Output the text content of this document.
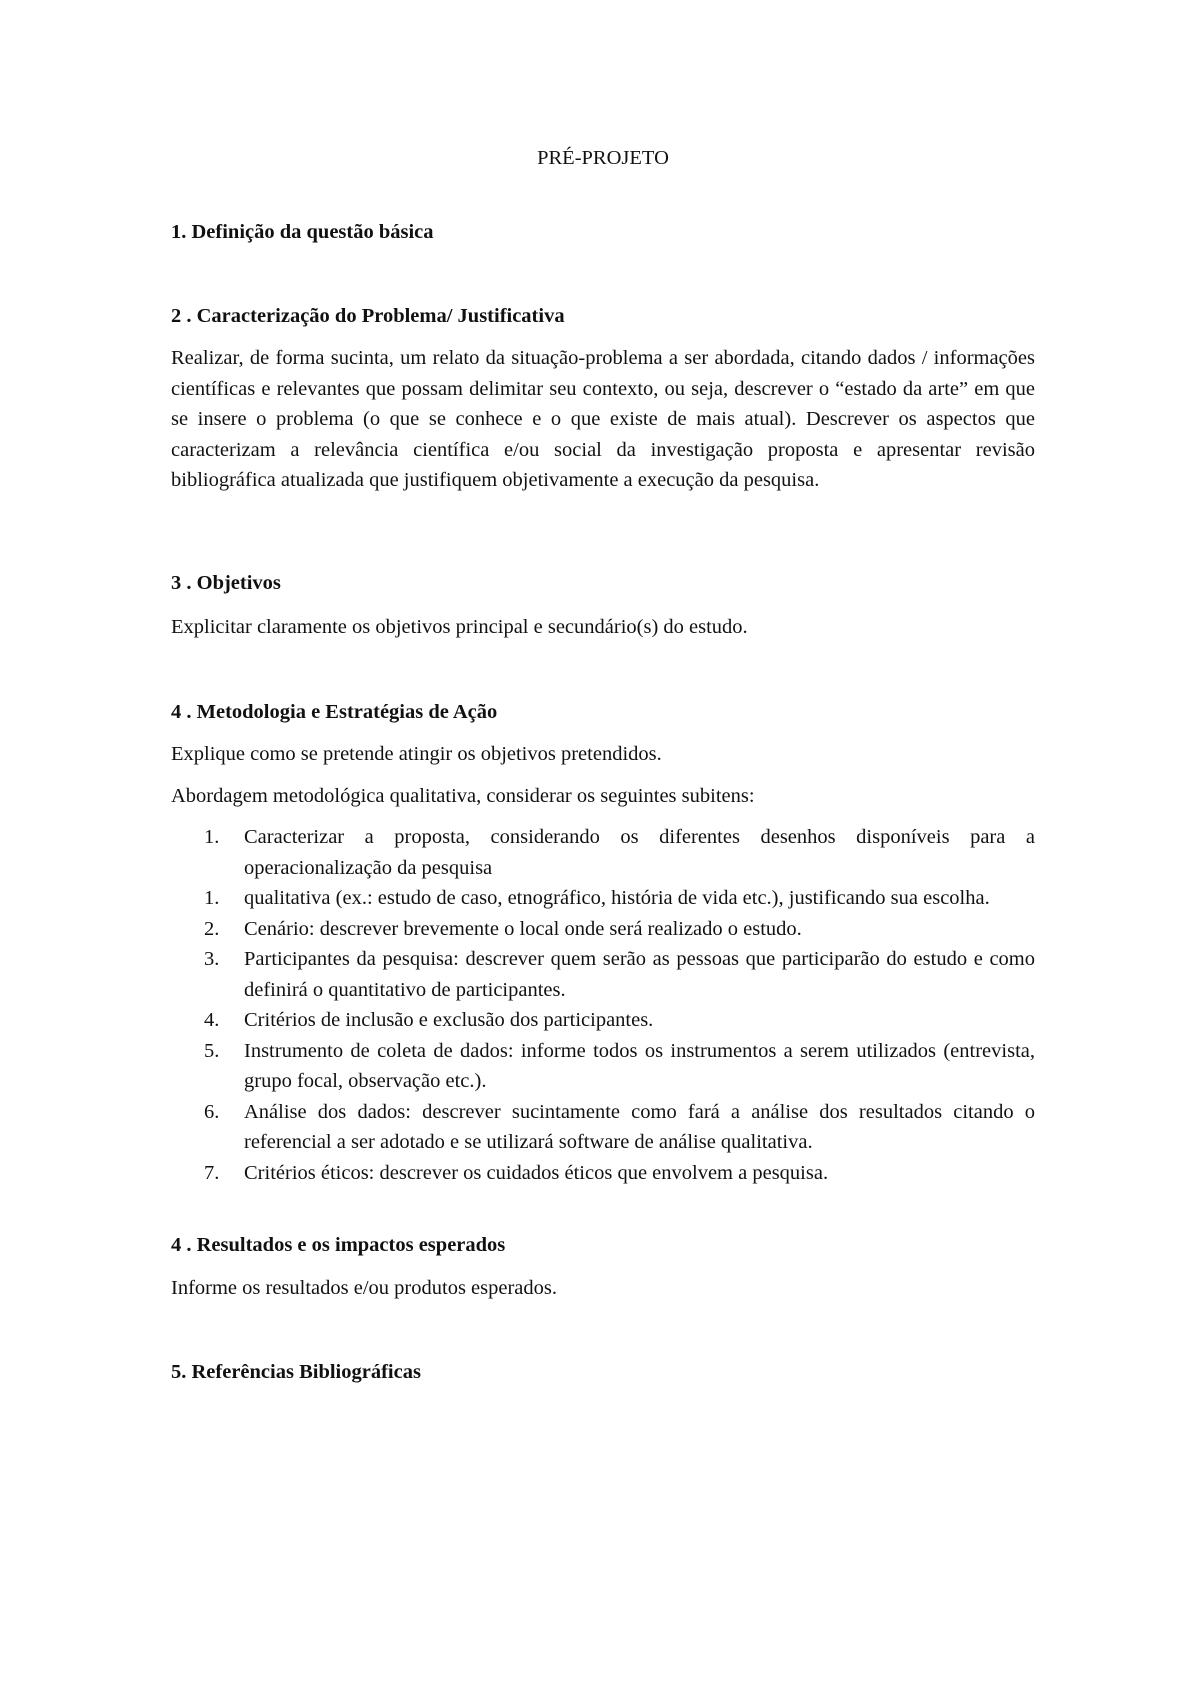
PRÉ-PROJETO
1. Definição da questão básica
2 . Caracterização do Problema/ Justificativa
Realizar, de forma sucinta, um relato da situação-problema a ser abordada, citando dados / informações científicas e relevantes que possam delimitar seu contexto, ou seja, descrever o “estado da arte” em que se insere o problema (o que se conhece e o que existe de mais atual). Descrever os aspectos que caracterizam a relevância científica e/ou social da investigação proposta e apresentar revisão bibliográfica atualizada que justifiquem objetivamente a execução da pesquisa.
3 . Objetivos
Explicitar claramente os objetivos principal e secundário(s) do estudo.
4 . Metodologia e Estratégias de Ação
Explique como se pretende atingir os objetivos pretendidos.
Abordagem metodológica qualitativa, considerar os seguintes subitens:
1.	Caracterizar a proposta, considerando os diferentes desenhos disponíveis para a operacionalização da pesquisa
1.	qualitativa (ex.: estudo de caso, etnográfico, história de vida etc.), justificando sua escolha.
2.	Cenário: descrever brevemente o local onde será realizado o estudo.
3.	Participantes da pesquisa: descrever quem serão as pessoas que participarão do estudo e como definirá o quantitativo de participantes.
4.	Critérios de inclusão e exclusão dos participantes.
5.	Instrumento de coleta de dados: informe todos os instrumentos a serem utilizados (entrevista, grupo focal, observação etc.).
6.	Análise dos dados: descrever sucintamente como fará a análise dos resultados citando o referencial a ser adotado e se utilizará software de análise qualitativa.
7.	Critérios éticos: descrever os cuidados éticos que envolvem a pesquisa.
4 . Resultados e os impactos esperados
Informe os resultados e/ou produtos esperados.
5. Referências Bibliográficas
